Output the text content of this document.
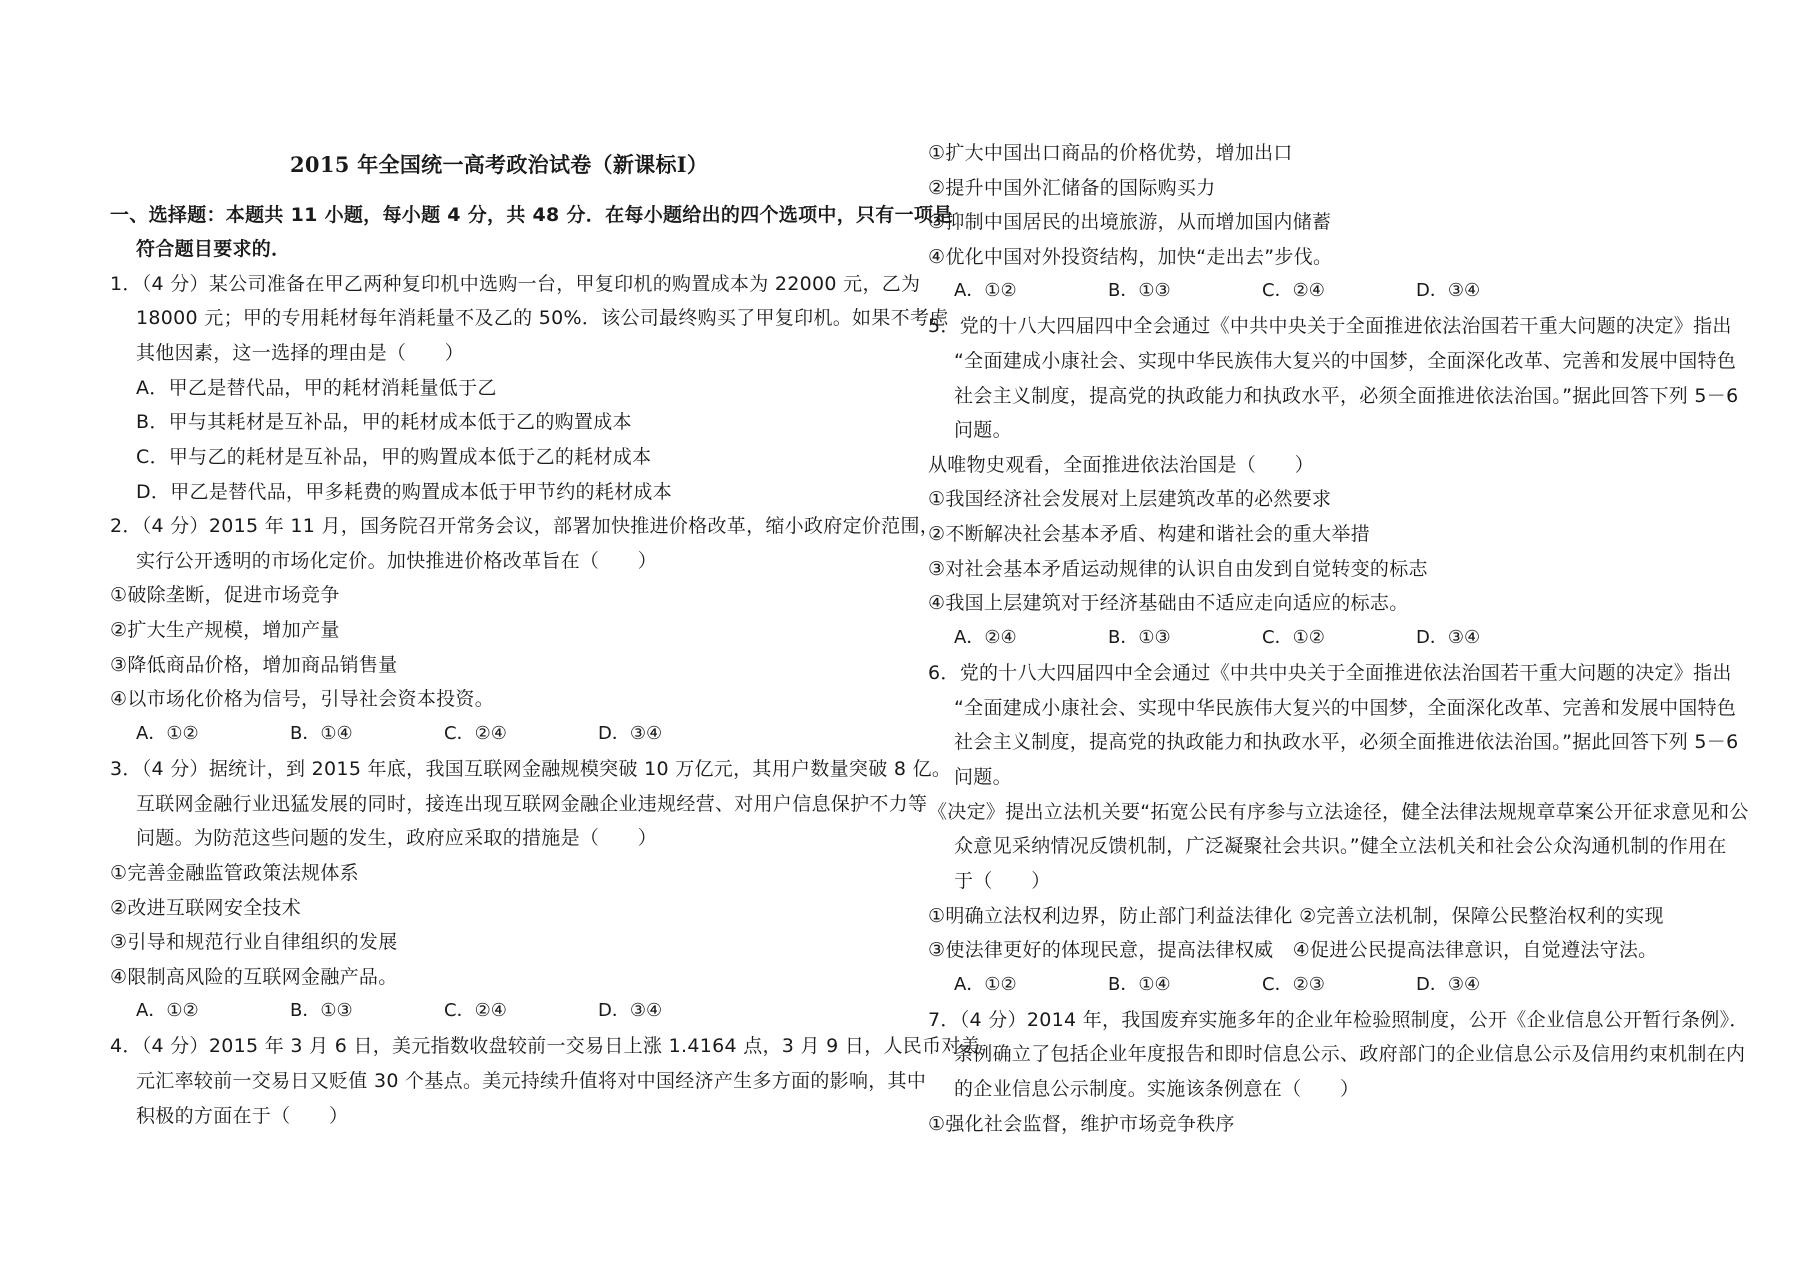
2015 年全国统一高考政治试卷（新课标I）
一、选择题：本题共 11 小题，每小题 4 分，共 48 分．在每小题给出的四个选项中，只有一项是
符合题目要求的．
1．（4 分）某公司准备在甲乙两种复印机中选购一台，甲复印机的购置成本为 22000 元，乙为
18000 元；甲的专用耗材每年消耗量不及乙的 50%．该公司最终购买了甲复印机。如果不考虑
其他因素，这一选择的理由是（　　）
A．甲乙是替代品，甲的耗材消耗量低于乙
B．甲与其耗材是互补品，甲的耗材成本低于乙的购置成本
C．甲与乙的耗材是互补品，甲的购置成本低于乙的耗材成本
D．甲乙是替代品，甲多耗费的购置成本低于甲节约的耗材成本
2．（4 分）2015 年 11 月，国务院召开常务会议，部署加快推进价格改革，缩小政府定价范围，
实行公开透明的市场化定价。加快推进价格改革旨在（　　）
①破除垄断，促进市场竞争
②扩大生产规模，增加产量
③降低商品价格，增加商品销售量
④以市场化价格为信号，引导社会资本投资。
A．①②	B．①④	C．②④	D．③④
3．（4 分）据统计，到 2015 年底，我国互联网金融规模突破 10 万亿元，其用户数量突破 8 亿。
互联网金融行业迅猛发展的同时，接连出现互联网金融企业违规经营、对用户信息保护不力等
问题。为防范这些问题的发生，政府应采取的措施是（　　）
①完善金融监管政策法规体系
②改进互联网安全技术
③引导和规范行业自律组织的发展
④限制高风险的互联网金融产品。
A．①②	B．①③	C．②④	D．③④
4．（4 分）2015 年 3 月 6 日，美元指数收盘较前一交易日上涨 1.4164 点，3 月 9 日，人民币对美
元汇率较前一交易日又贬值 30 个基点。美元持续升值将对中国经济产生多方面的影响，其中
积极的方面在于（　　）
①扩大中国出口商品的价格优势，增加出口
②提升中国外汇储备的国际购买力
③抑制中国居民的出境旅游，从而增加国内储蓄
④优化中国对外投资结构，加快“走出去”步伐。
A．①②	B．①③	C．②④	D．③④
5．党的十八大四届四中全会通过《中共中央关于全面推进依法治国若干重大问题的决定》指出
“全面建成小康社会、实现中华民族伟大复兴的中国梦，全面深化改革、完善和发展中国特色
社会主义制度，提高党的执政能力和执政水平，必须全面推进依法治国。”据此回答下列 5－6
问题。
从唯物史观看，全面推进依法治国是（　　）
①我国经济社会发展对上层建筑改革的必然要求
②不断解决社会基本矛盾、构建和谐社会的重大举措
③对社会基本矛盾运动规律的认识自由发到自觉转变的标志
④我国上层建筑对于经济基础由不适应走向适应的标志。
A．②④	B．①③	C．①②	D．③④
6．党的十八大四届四中全会通过《中共中央关于全面推进依法治国若干重大问题的决定》指出
“全面建成小康社会、实现中华民族伟大复兴的中国梦，全面深化改革、完善和发展中国特色
社会主义制度，提高党的执政能力和执政水平，必须全面推进依法治国。”据此回答下列 5－6
问题。
《决定》提出立法机关要“拓宽公民有序参与立法途径，健全法律法规规章草案公开征求意见和公
众意见采纳情况反馈机制，广泛凝聚社会共识。”健全立法机关和社会公众沟通机制的作用在
于（　　）
①明确立法权利边界，防止部门利益法律化 ②完善立法机制，保障公民整治权利的实现
③使法律更好的体现民意，提高法律权威　④促进公民提高法律意识，自觉遵法守法。
A．①②	B．①④	C．②③	D．③④
7．（4 分）2014 年，我国废弃实施多年的企业年检验照制度，公开《企业信息公开暂行条例》．
条例确立了包括企业年度报告和即时信息公示、政府部门的企业信息公示及信用约束机制在内
的企业信息公示制度。实施该条例意在（　　）
①强化社会监督，维护市场竞争秩序
